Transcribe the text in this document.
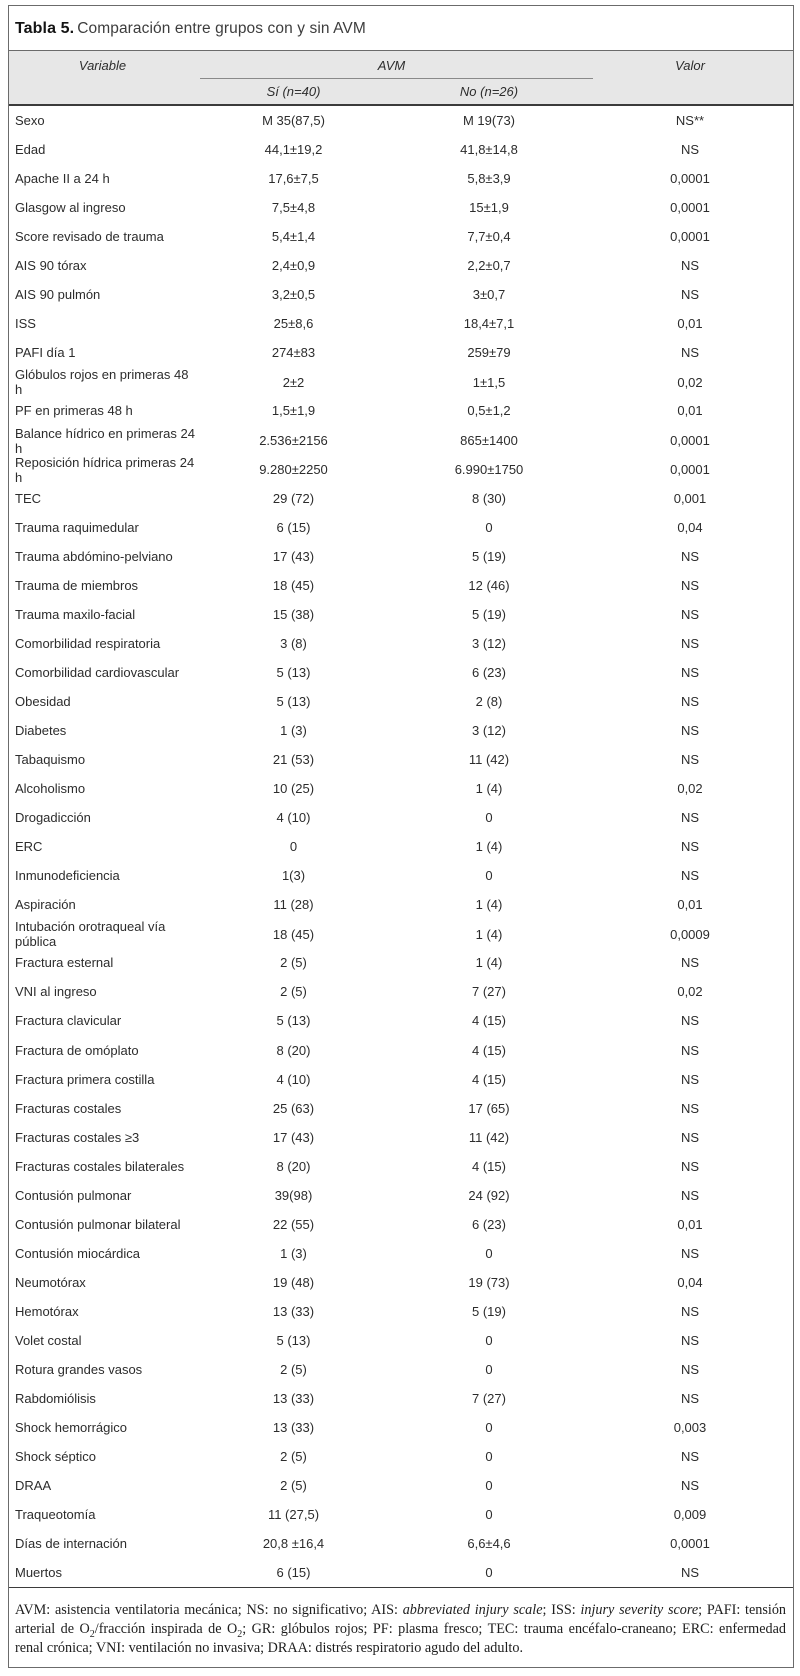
Tabla 5. Comparación entre grupos con y sin AVM
Variable	AVM	Valor
Sí (n=40)	No (n=26)
Sexo	M 35(87,5)	M 19(73)	NS**
Edad	44,1±19,2	41,8±14,8	NS
Apache II a 24 h	17,6±7,5	5,8±3,9	0,0001
Glasgow al ingreso	7,5±4,8	15±1,9	0,0001
Score revisado de trauma	5,4±1,4	7,7±0,4	0,0001
AIS 90 tórax	2,4±0,9	2,2±0,7	NS
AIS 90 pulmón	3,2±0,5	3±0,7	NS
ISS	25±8,6	18,4±7,1	0,01
PAFI día 1	274±83	259±79	NS
Glóbulos rojos en primeras 48 h	2±2	1±1,5	0,02
PF en primeras 48 h	1,5±1,9	0,5±1,2	0,01
Balance hídrico en primeras 24 h	2.536±2156	865±1400	0,0001
Reposición hídrica primeras 24 h	9.280±2250	6.990±1750	0,0001
TEC	29 (72)	8 (30)	0,001
Trauma raquimedular	6 (15)	0	0,04
Trauma abdómino-pelviano	17 (43)	5 (19)	NS
Trauma de miembros	18 (45)	12 (46)	NS
Trauma maxilo-facial	15 (38)	5 (19)	NS
Comorbilidad respiratoria	3 (8)	3 (12)	NS
Comorbilidad cardiovascular	5 (13)	6 (23)	NS
Obesidad	5 (13)	2 (8)	NS
Diabetes	1 (3)	3 (12)	NS
Tabaquismo	21 (53)	11 (42)	NS
Alcoholismo	10 (25)	1 (4)	0,02
Drogadicción	4 (10)	0	NS
ERC	0	1 (4)	NS
Inmunodeficiencia	1(3)	0	NS
Aspiración	11 (28)	1 (4)	0,01
Intubación orotraqueal vía pública	18 (45)	1 (4)	0,0009
Fractura esternal	2 (5)	1 (4)	NS
VNI al ingreso	2 (5)	7 (27)	0,02
Fractura clavicular	5 (13)	4 (15)	NS
Fractura de omóplato	8 (20)	4 (15)	NS
Fractura primera costilla	4 (10)	4 (15)	NS
Fracturas costales	25 (63)	17 (65)	NS
Fracturas costales ≥3	17 (43)	11 (42)	NS
Fracturas costales bilaterales	8 (20)	4 (15)	NS
Contusión pulmonar	39(98)	24 (92)	NS
Contusión pulmonar bilateral	22 (55)	6 (23)	0,01
Contusión miocárdica	1 (3)	0	NS
Neumotórax	19 (48)	19 (73)	0,04
Hemotórax	13 (33)	5 (19)	NS
Volet costal	5 (13)	0	NS
Rotura grandes vasos	2 (5)	0	NS
Rabdomiólisis	13 (33)	7 (27)	NS
Shock hemorrágico	13 (33)	0	0,003
Shock séptico	2 (5)	0	NS
DRAA	2 (5)	0	NS
Traqueotomía	11 (27,5)	0	0,009
Días de internación	20,8 ±16,4	6,6±4,6	0,0001
Muertos	6 (15)	0	NS
AVM: asistencia ventilatoria mecánica; NS: no significativo; AIS: abbreviated injury scale; ISS: injury severity score; PAFI: tensión arterial de $O_2$/fracción inspirada de $O_2$; GR: glóbulos rojos; PF: plasma fresco; TEC: trauma encéfalo-craneano; ERC: enfermedad renal crónica; VNI: ventilación no invasiva; DRAA: distrés respiratorio agudo del adulto.
